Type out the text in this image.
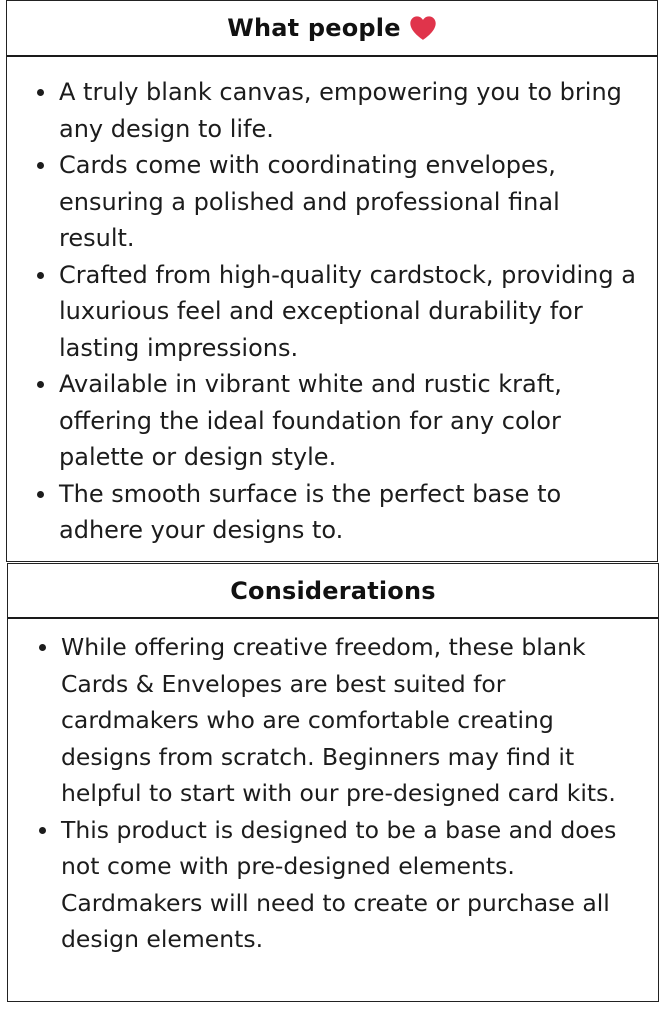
What people
A truly blank canvas, empowering you to bring any design to life.
Cards come with coordinating envelopes, ensuring a polished and professional final result.
Crafted from high-quality cardstock, providing a luxurious feel and exceptional durability for lasting impressions.
Available in vibrant white and rustic kraft, offering the ideal foundation for any color palette or design style.
The smooth surface is the perfect base to adhere your designs to.
Considerations
While offering creative freedom, these blank Cards & Envelopes are best suited for cardmakers who are comfortable creating designs from scratch. Beginners may find it helpful to start with our pre-designed card kits.
This product is designed to be a base and does not come with pre-designed elements. Cardmakers will need to create or purchase all design elements.
